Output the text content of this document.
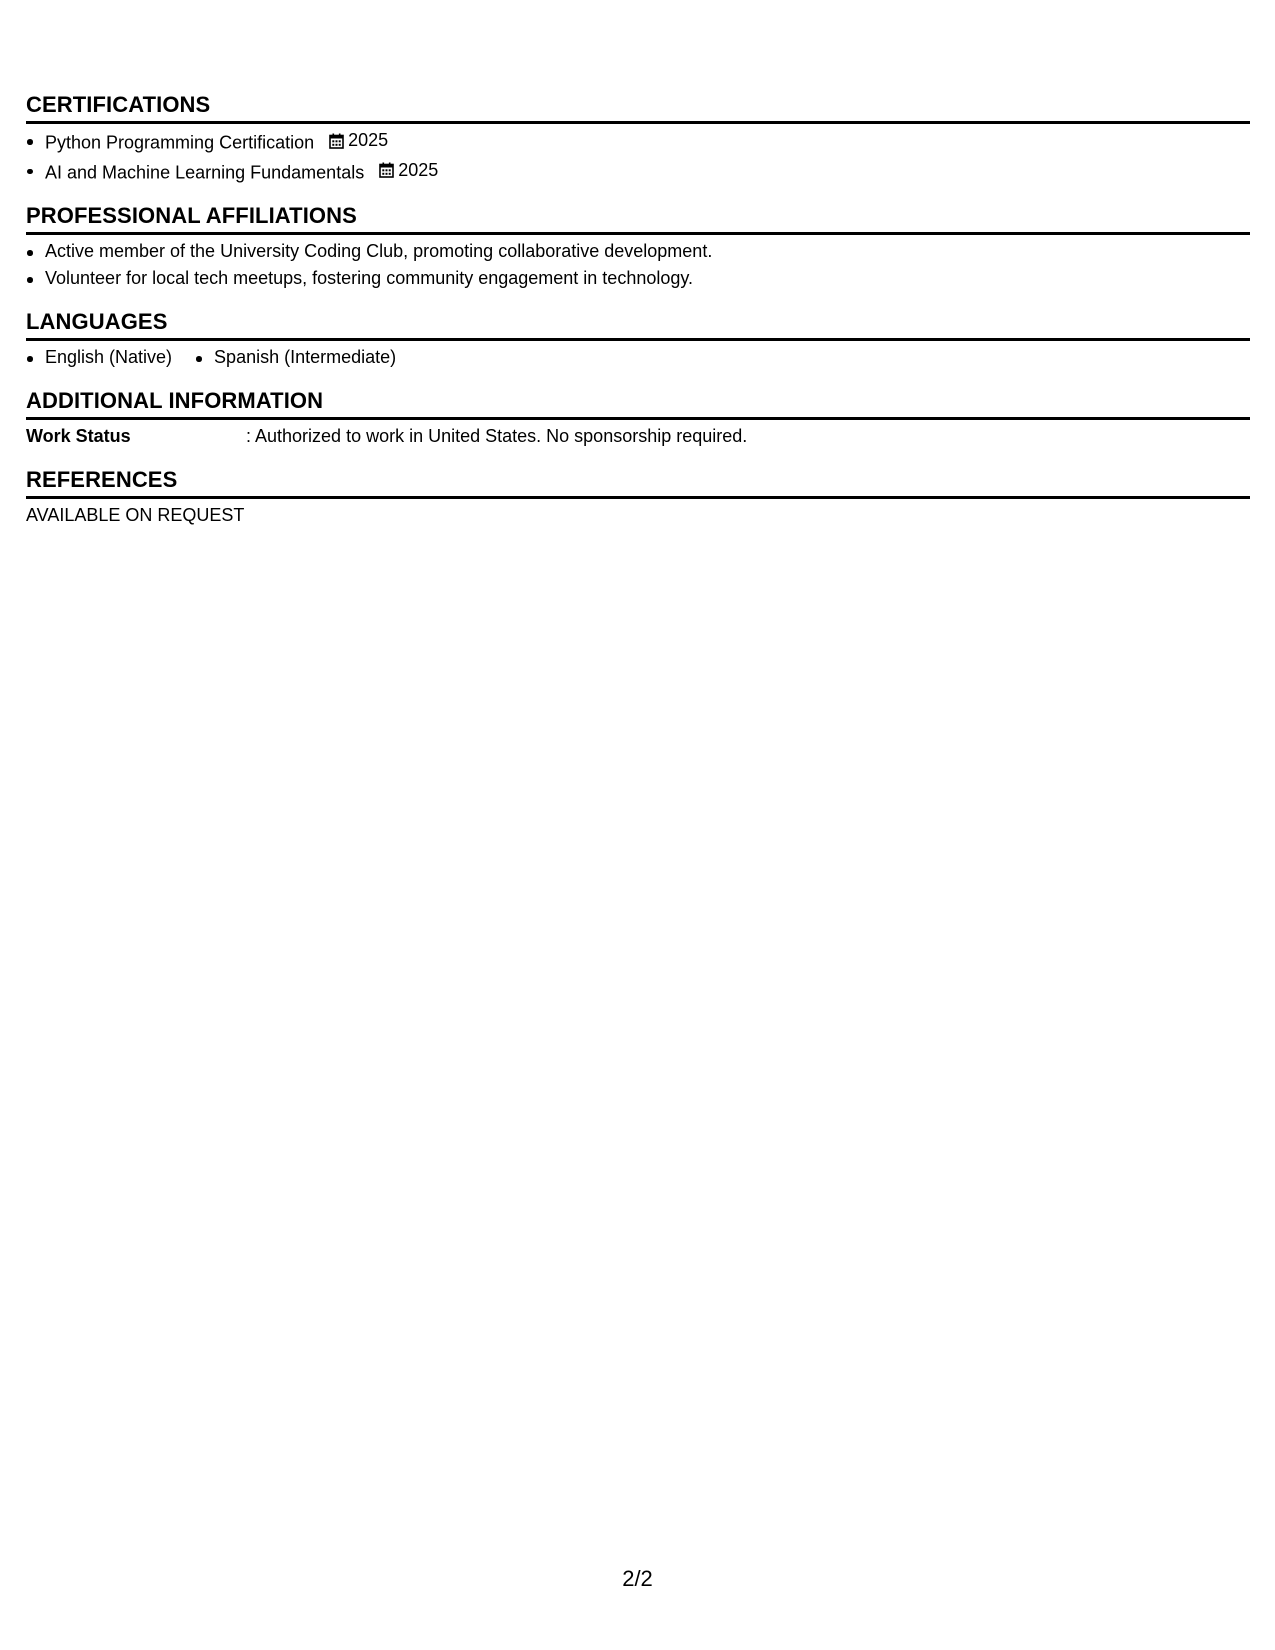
CERTIFICATIONS
Python Programming Certification 2025
AI and Machine Learning Fundamentals 2025
PROFESSIONAL AFFILIATIONS
Active member of the University Coding Club, promoting collaborative development.
Volunteer for local tech meetups, fostering community engagement in technology.
LANGUAGES
English (Native)	Spanish (Intermediate)
ADDITIONAL INFORMATION
Work Status	: Authorized to work in United States. No sponsorship required.
REFERENCES
AVAILABLE ON REQUEST
2/2
